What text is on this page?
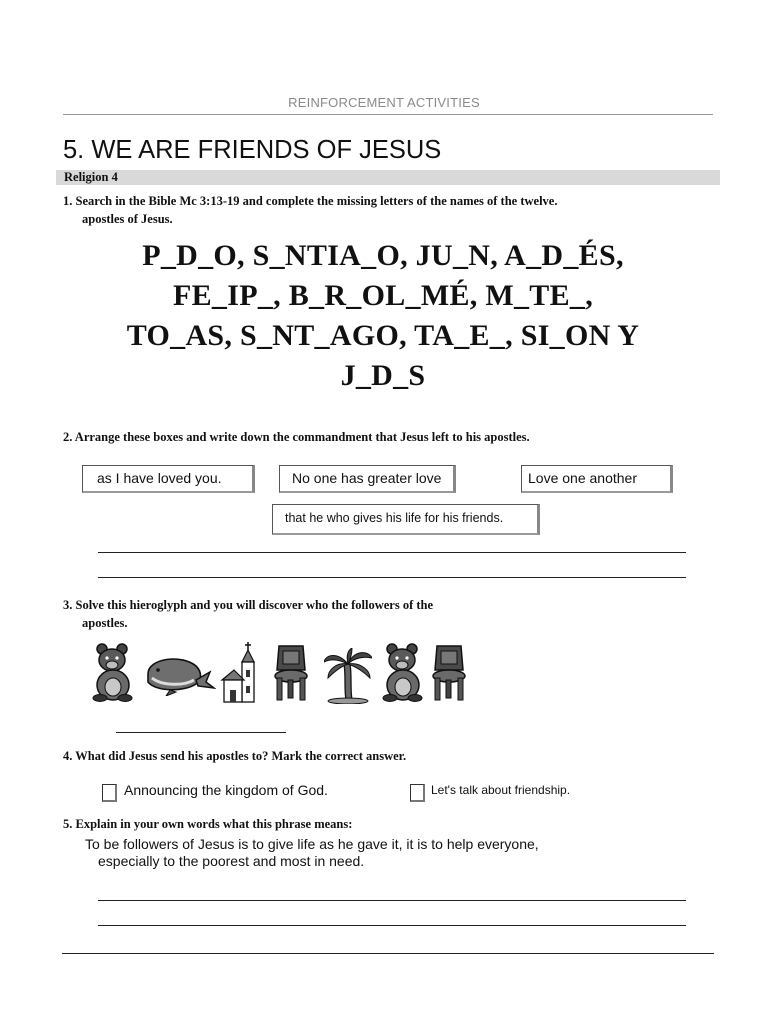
REINFORCEMENT ACTIVITIES
5. WE ARE FRIENDS OF JESUS
Religion 4
1. Search in the Bible Mc 3:13-19 and complete the missing letters of the names of the twelve.
apostles of Jesus.
P_D_O, S_NTIA_O, JU_N, A_D_ÉS,
FE_IP_, B_R_OL_MÉ, M_TE_,
TO_AS, S_NT_AGO, TA_E_, SI_ON Y
J_D_S
2. Arrange these boxes and write down the commandment that Jesus left to his apostles.
as I have loved you.	No one has greater love	Love one another
that he who gives his life for his friends.
3. Solve this hieroglyph and you will discover who the followers of the
apostles.
4. What did Jesus send his apostles to? Mark the correct answer.
Announcing the kingdom of God.	Let's talk about friendship.
5. Explain in your own words what this phrase means:
To be followers of Jesus is to give life as he gave it, it is to help everyone,
especially to the poorest and most in need.
